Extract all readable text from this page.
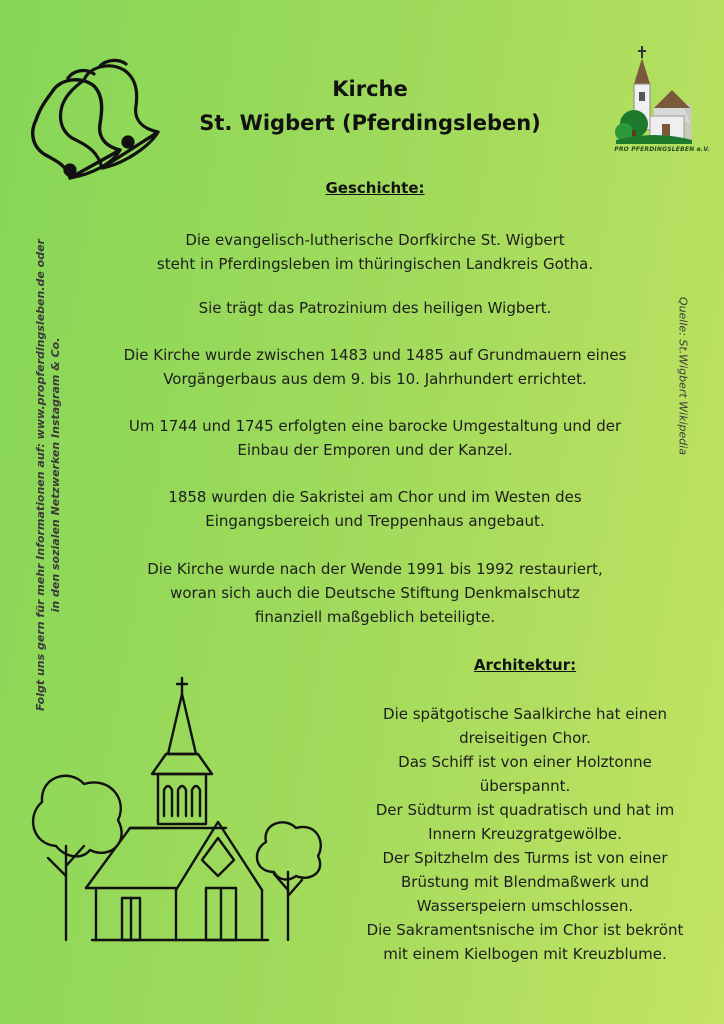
Kirche
St. Wigbert (Pferdingsleben)
PRO PFERDINGSLEBEN e.V.
Geschichte:
Die evangelisch-lutherische Dorfkirche St. Wigbert
steht in Pferdingsleben im thüringischen Landkreis Gotha.
Sie trägt das Patrozinium des heiligen Wigbert.
Die Kirche wurde zwischen 1483 und 1485 auf Grundmauern eines
Vorgängerbaus aus dem 9. bis 10. Jahrhundert errichtet.
Um 1744 und 1745 erfolgten eine barocke Umgestaltung und der
Einbau der Emporen und der Kanzel.
1858 wurden die Sakristei am Chor und im Westen des
Eingangsbereich und Treppenhaus angebaut.
Die Kirche wurde nach der Wende 1991 bis 1992 restauriert,
woran sich auch die Deutsche Stiftung Denkmalschutz
finanziell maßgeblich beteiligte.
Architektur:
Die spätgotische Saalkirche hat einen
dreiseitigen Chor.
Das Schiff ist von einer Holztonne
überspannt.
Der Südturm ist quadratisch und hat im
Innern Kreuzgratgewölbe.
Der Spitzhelm des Turms ist von einer
Brüstung mit Blendmaßwerk und
Wasserspeiern umschlossen.
Die Sakramentsnische im Chor ist bekrönt
mit einem Kielbogen mit Kreuzblume.
Folgt uns gern für mehr Informationen auf: www.propferdingsleben.de oder in den sozialen Netzwerken Instagram & Co.	Quelle: St.Wigbert Wikipedia
